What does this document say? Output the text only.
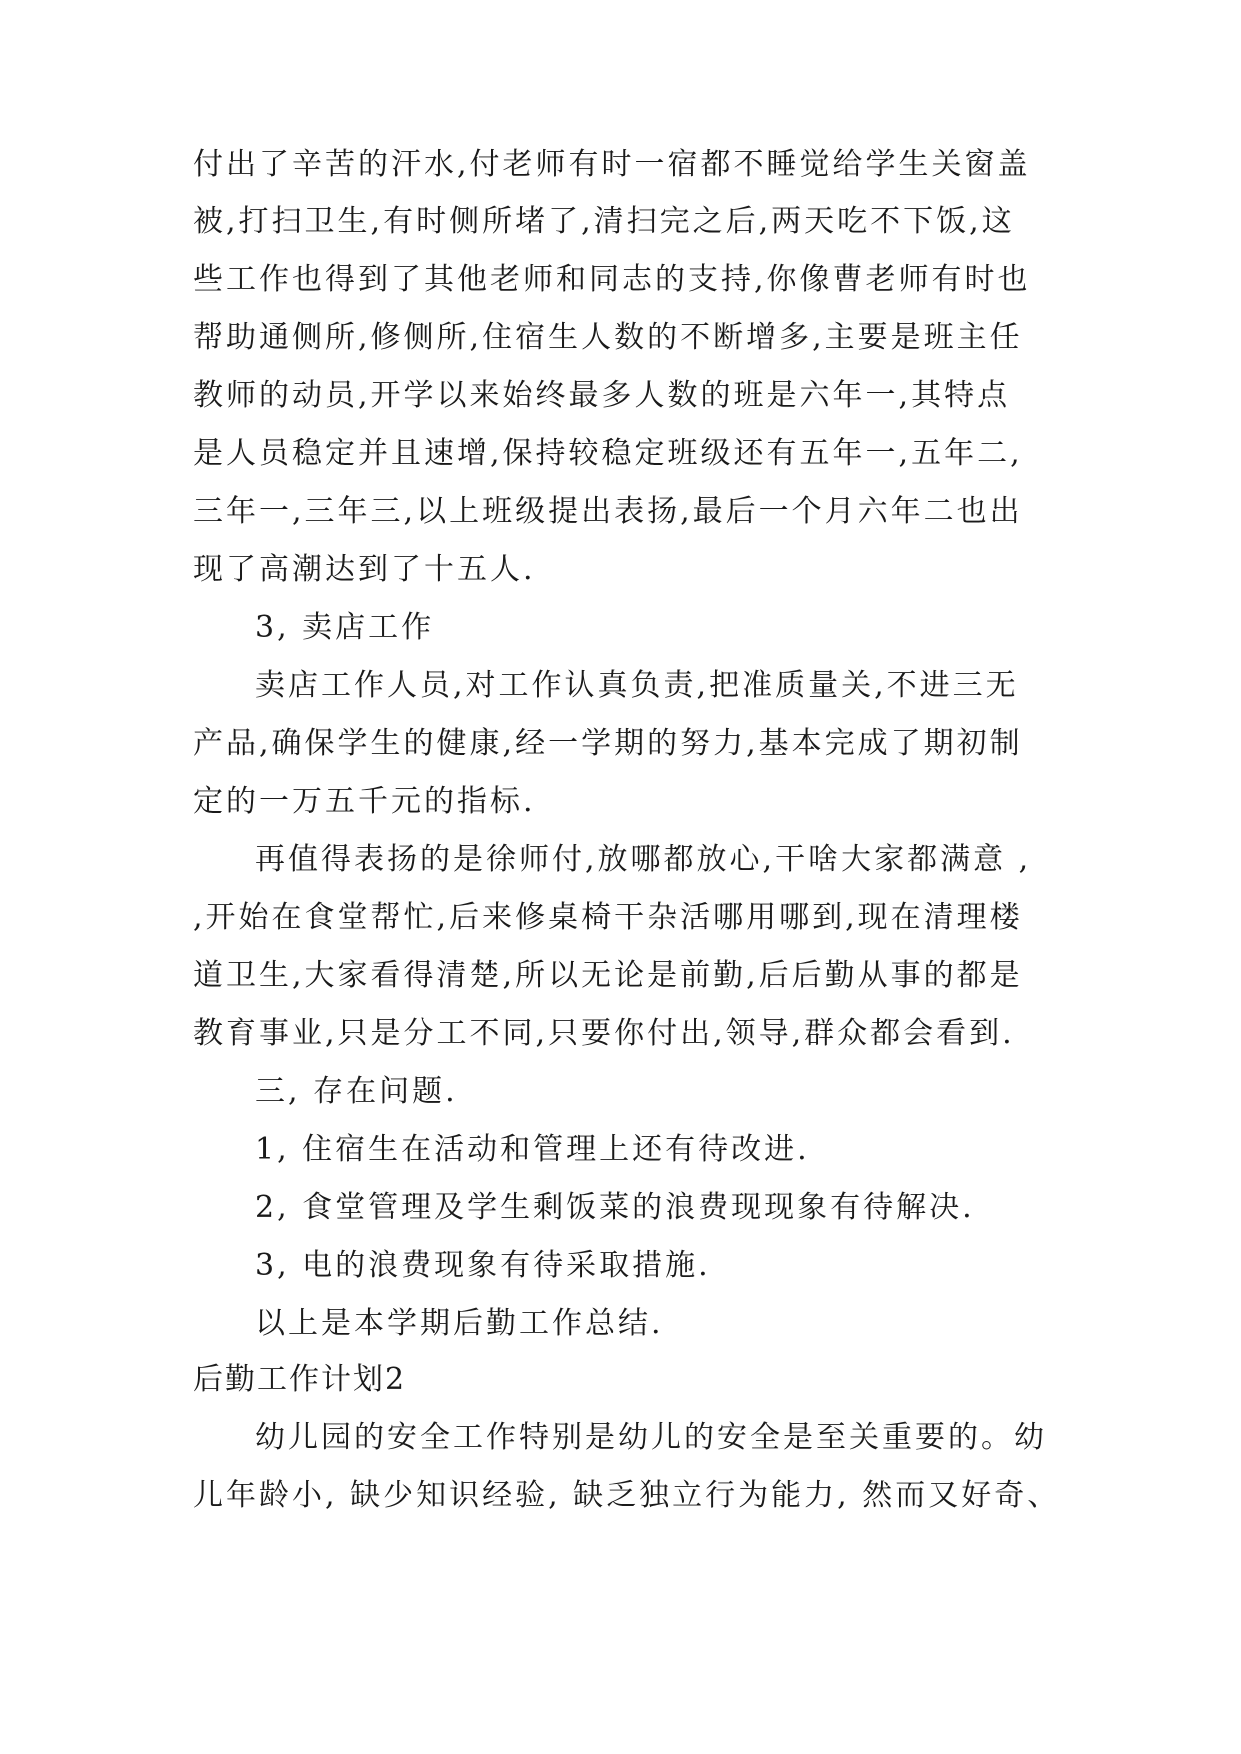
付出了辛苦的汗水,付老师有时一宿都不睡觉给学生关窗盖
被,打扫卫生,有时侧所堵了,清扫完之后,两天吃不下饭,这
些工作也得到了其他老师和同志的支持,你像曹老师有时也
帮助通侧所,修侧所,住宿生人数的不断增多,主要是班主任
教师的动员,开学以来始终最多人数的班是六年一,其特点
是人员稳定并且速增,保持较稳定班级还有五年一,五年二,
三年一,三年三,以上班级提出表扬,最后一个月六年二也出
现了高潮达到了十五人.
3, 卖店工作
卖店工作人员,对工作认真负责,把准质量关,不进三无
产品,确保学生的健康,经一学期的努力,基本完成了期初制
定的一万五千元的指标.
再值得表扬的是徐师付,放哪都放心,干啥大家都满意 ,
,开始在食堂帮忙,后来修桌椅干杂活哪用哪到,现在清理楼
道卫生,大家看得清楚,所以无论是前勤,后后勤从事的都是
教育事业,只是分工不同,只要你付出,领导,群众都会看到.
三, 存在问题.
1, 住宿生在活动和管理上还有待改进.
2, 食堂管理及学生剩饭菜的浪费现现象有待解决.
3, 电的浪费现象有待采取措施.
以上是本学期后勤工作总结.
后勤工作计划2
幼儿园的安全工作特别是幼儿的安全是至关重要的。幼
儿年龄小, 缺少知识经验, 缺乏独立行为能力, 然而又好奇、
